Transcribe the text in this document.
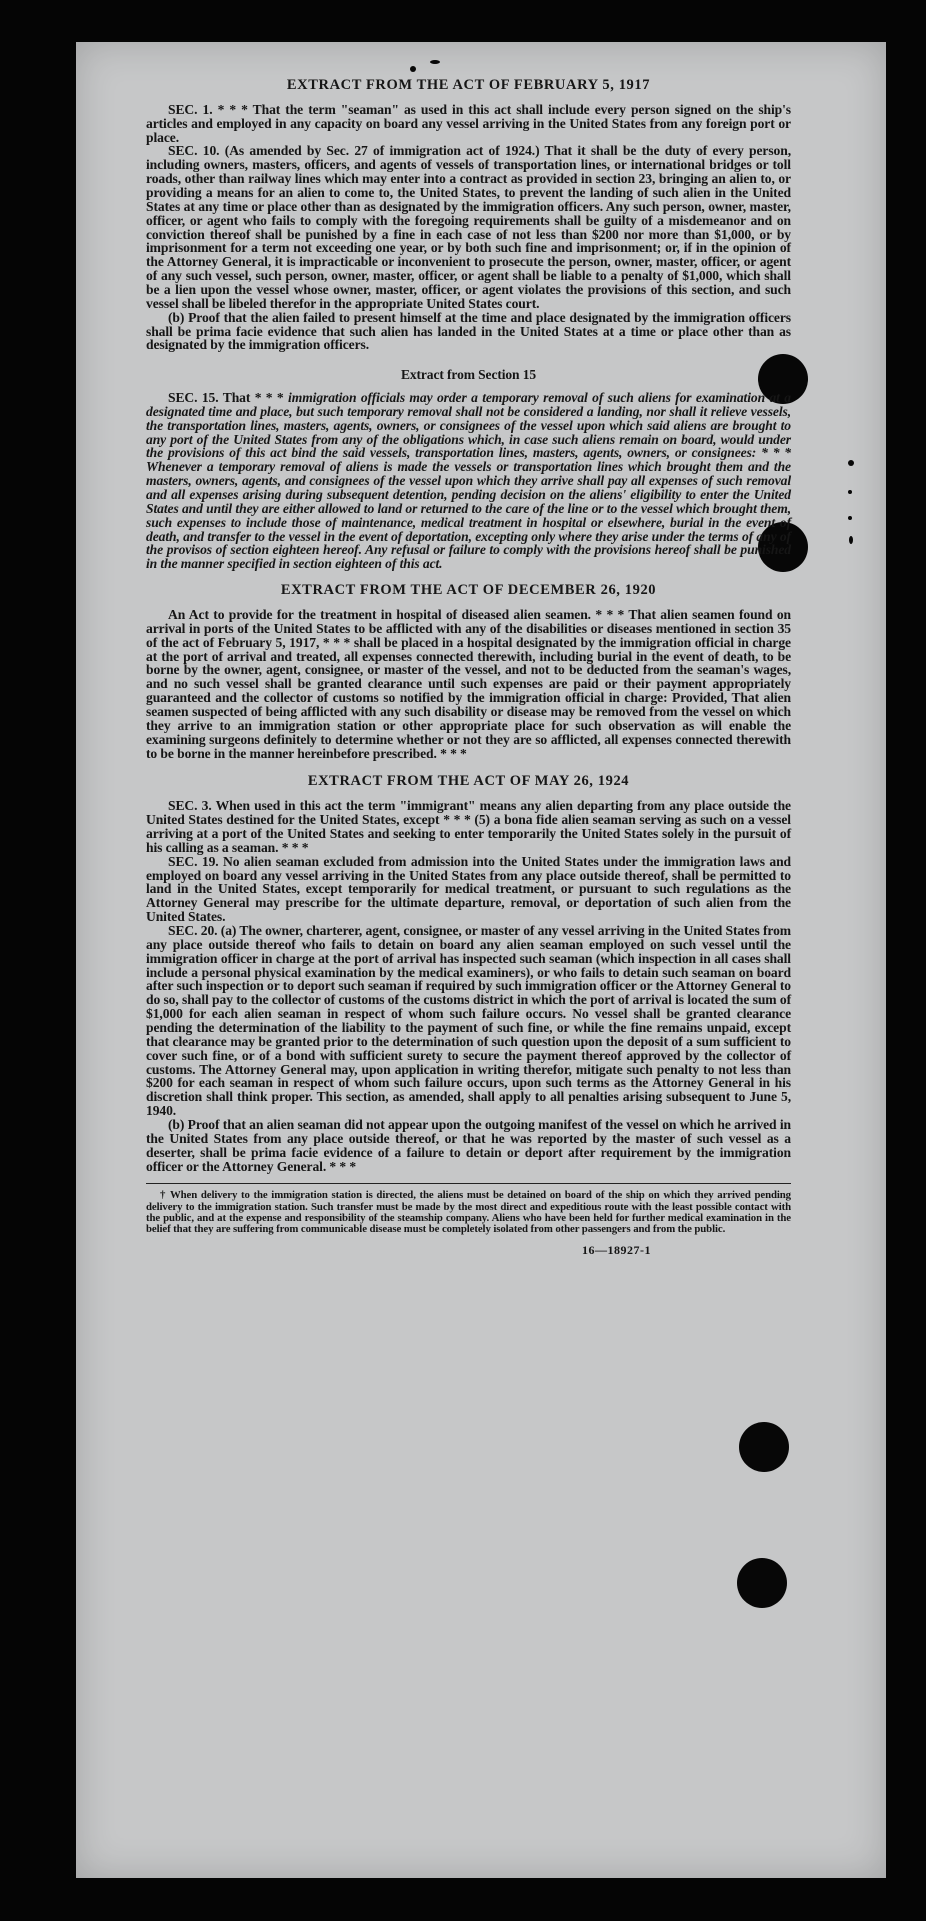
EXTRACT FROM THE ACT OF FEBRUARY 5, 1917

SEC. 1. * * * That the term "seaman" as used in this act shall include every person signed on the ship's articles and employed in any capacity on board any vessel arriving in the United States from any foreign port or place.

SEC. 10. (As amended by Sec. 27 of immigration act of 1924.) That it shall be the duty of every person, including owners, masters, officers, and agents of vessels of transportation lines, or international bridges or toll roads, other than railway lines which may enter into a contract as provided in section 23, bringing an alien to, or providing a means for an alien to come to, the United States, to prevent the landing of such alien in the United States at any time or place other than as designated by the immigration officers. Any such person, owner, master, officer, or agent who fails to comply with the foregoing requirements shall be guilty of a misdemeanor and on conviction thereof shall be punished by a fine in each case of not less than $200 nor more than $1,000, or by imprisonment for a term not exceeding one year, or by both such fine and imprisonment; or, if in the opinion of the Attorney General, it is impracticable or inconvenient to prosecute the person, owner, master, officer, or agent of any such vessel, such person, owner, master, officer, or agent shall be liable to a penalty of $1,000, which shall be a lien upon the vessel whose owner, master, officer, or agent violates the provisions of this section, and such vessel shall be libeled therefor in the appropriate United States court.

(b) Proof that the alien failed to present himself at the time and place designated by the immigration officers shall be prima facie evidence that such alien has landed in the United States at a time or place other than as designated by the immigration officers.

Extract from Section 15

SEC. 15. That * * * immigration officials may order a temporary removal of such aliens for examination at a designated time and place, but such temporary removal shall not be considered a landing, nor shall it relieve vessels, the transportation lines, masters, agents, owners, or consignees of the vessel upon which said aliens are brought to any port of the United States from any of the obligations which, in case such aliens remain on board, would under the provisions of this act bind the said vessels, transportation lines, masters, agents, owners, or consignees: * * * Whenever a temporary removal of aliens is made the vessels or transportation lines which brought them and the masters, owners, agents, and consignees of the vessel upon which they arrive shall pay all expenses of such removal and all expenses arising during subsequent detention, pending decision on the aliens' eligibility to enter the United States and until they are either allowed to land or returned to the care of the line or to the vessel which brought them, such expenses to include those of maintenance, medical treatment in hospital or elsewhere, burial in the event of death, and transfer to the vessel in the event of deportation, excepting only where they arise under the terms of any of the provisos of section eighteen hereof. Any refusal or failure to comply with the provisions hereof shall be punished in the manner specified in section eighteen of this act.

EXTRACT FROM THE ACT OF DECEMBER 26, 1920

An Act to provide for the treatment in hospital of diseased alien seamen. * * * That alien seamen found on arrival in ports of the United States to be afflicted with any of the disabilities or diseases mentioned in section 35 of the act of February 5, 1917, * * * shall be placed in a hospital designated by the immigration official in charge at the port of arrival and treated, all expenses connected therewith, including burial in the event of death, to be borne by the owner, agent, consignee, or master of the vessel, and not to be deducted from the seaman's wages, and no such vessel shall be granted clearance until such expenses are paid or their payment appropriately guaranteed and the collector of customs so notified by the immigration official in charge: Provided, That alien seamen suspected of being afflicted with any such disability or disease may be removed from the vessel on which they arrive to an immigration station or other appropriate place for such observation as will enable the examining surgeons definitely to determine whether or not they are so afflicted, all expenses connected therewith to be borne in the manner hereinbefore prescribed. * * *

EXTRACT FROM THE ACT OF MAY 26, 1924

SEC. 3. When used in this act the term "immigrant" means any alien departing from any place outside the United States destined for the United States, except * * * (5) a bona fide alien seaman serving as such on a vessel arriving at a port of the United States and seeking to enter temporarily the United States solely in the pursuit of his calling as a seaman. * * *

SEC. 19. No alien seaman excluded from admission into the United States under the immigration laws and employed on board any vessel arriving in the United States from any place outside thereof, shall be permitted to land in the United States, except temporarily for medical treatment, or pursuant to such regulations as the Attorney General may prescribe for the ultimate departure, removal, or deportation of such alien from the United States.

SEC. 20. (a) The owner, charterer, agent, consignee, or master of any vessel arriving in the United States from any place outside thereof who fails to detain on board any alien seaman employed on such vessel until the immigration officer in charge at the port of arrival has inspected such seaman (which inspection in all cases shall include a personal physical examination by the medical examiners), or who fails to detain such seaman on board after such inspection or to deport such seaman if required by such immigration officer or the Attorney General to do so, shall pay to the collector of customs of the customs district in which the port of arrival is located the sum of $1,000 for each alien seaman in respect of whom such failure occurs. No vessel shall be granted clearance pending the determination of the liability to the payment of such fine, or while the fine remains unpaid, except that clearance may be granted prior to the determination of such question upon the deposit of a sum sufficient to cover such fine, or of a bond with sufficient surety to secure the payment thereof approved by the collector of customs. The Attorney General may, upon application in writing therefor, mitigate such penalty to not less than $200 for each seaman in respect of whom such failure occurs, upon such terms as the Attorney General in his discretion shall think proper. This section, as amended, shall apply to all penalties arising subsequent to June 5, 1940.

(b) Proof that an alien seaman did not appear upon the outgoing manifest of the vessel on which he arrived in the United States from any place outside thereof, or that he was reported by the master of such vessel as a deserter, shall be prima facie evidence of a failure to detain or deport after requirement by the immigration officer or the Attorney General. * * *

† When delivery to the immigration station is directed, the aliens must be detained on board of the ship on which they arrived pending delivery to the immigration station. Such transfer must be made by the most direct and expeditious route with the least possible contact with the public, and at the expense and responsibility of the steamship company. Aliens who have been held for further medical examination in the belief that they are suffering from communicable disease must be completely isolated from other passengers and from the public.
16—18927-1
